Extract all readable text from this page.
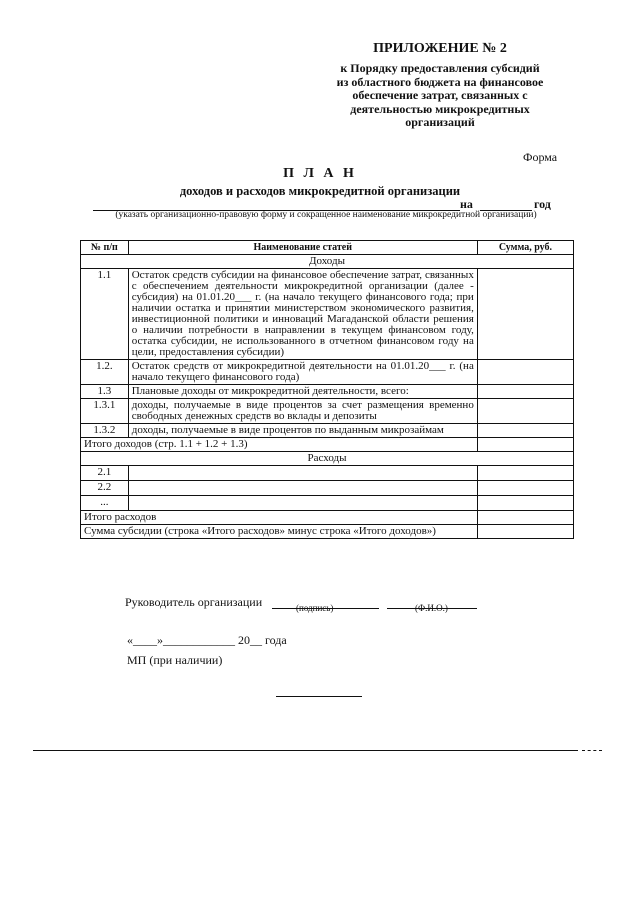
ПРИЛОЖЕНИЕ № 2
к Порядку предоставления субсидий
из областного бюджета на финансовое
обеспечение затрат, связанных с
деятельностью микрокредитных
организаций
Форма
П Л А Н
доходов и расходов микрокредитной организации
на	год
(указать организационно-правовую форму и сокращенное наименование микрокредитной организации)
№ п/п	Наименование статей	Сумма, руб.
Доходы		
1.1	Остаток средств субсидии на финансовое обеспечение затрат, связанных с обеспечением деятельности микрокредитной организации (далее - субсидия) на 01.01.20___ г. (на начало текущего финансового года; при наличии остатка и принятии министерством экономического развития, инвестиционной политики и инноваций Магаданской области решения о наличии потребности в направлении в текущем финансовом году, остатка субсидии, не использованного в отчетном финансовом году на цели, предоставления субсидии)	
1.2.	Остаток средств от микрокредитной деятельности на 01.01.20___ г. (на начало текущего финансового года)	
1.3	Плановые доходы от микрокредитной деятельности, всего:	
1.3.1	доходы, получаемые в виде процентов за счет размещения временно свободных денежных средств во вклады и депозиты	
1.3.2	доходы, получаемые в виде процентов по выданным микрозаймам	
Итого доходов (стр. 1.1 + 1.2 + 1.3)		
Расходы		
2.1		
2.2		
...		
Итого расходов		
Сумма субсидии (строка «Итого расходов» минус строка «Итого доходов»)		
Руководитель организации	(подпись)	(Ф.И.О.)
«____»____________ 20__ года
МП (при наличии)
